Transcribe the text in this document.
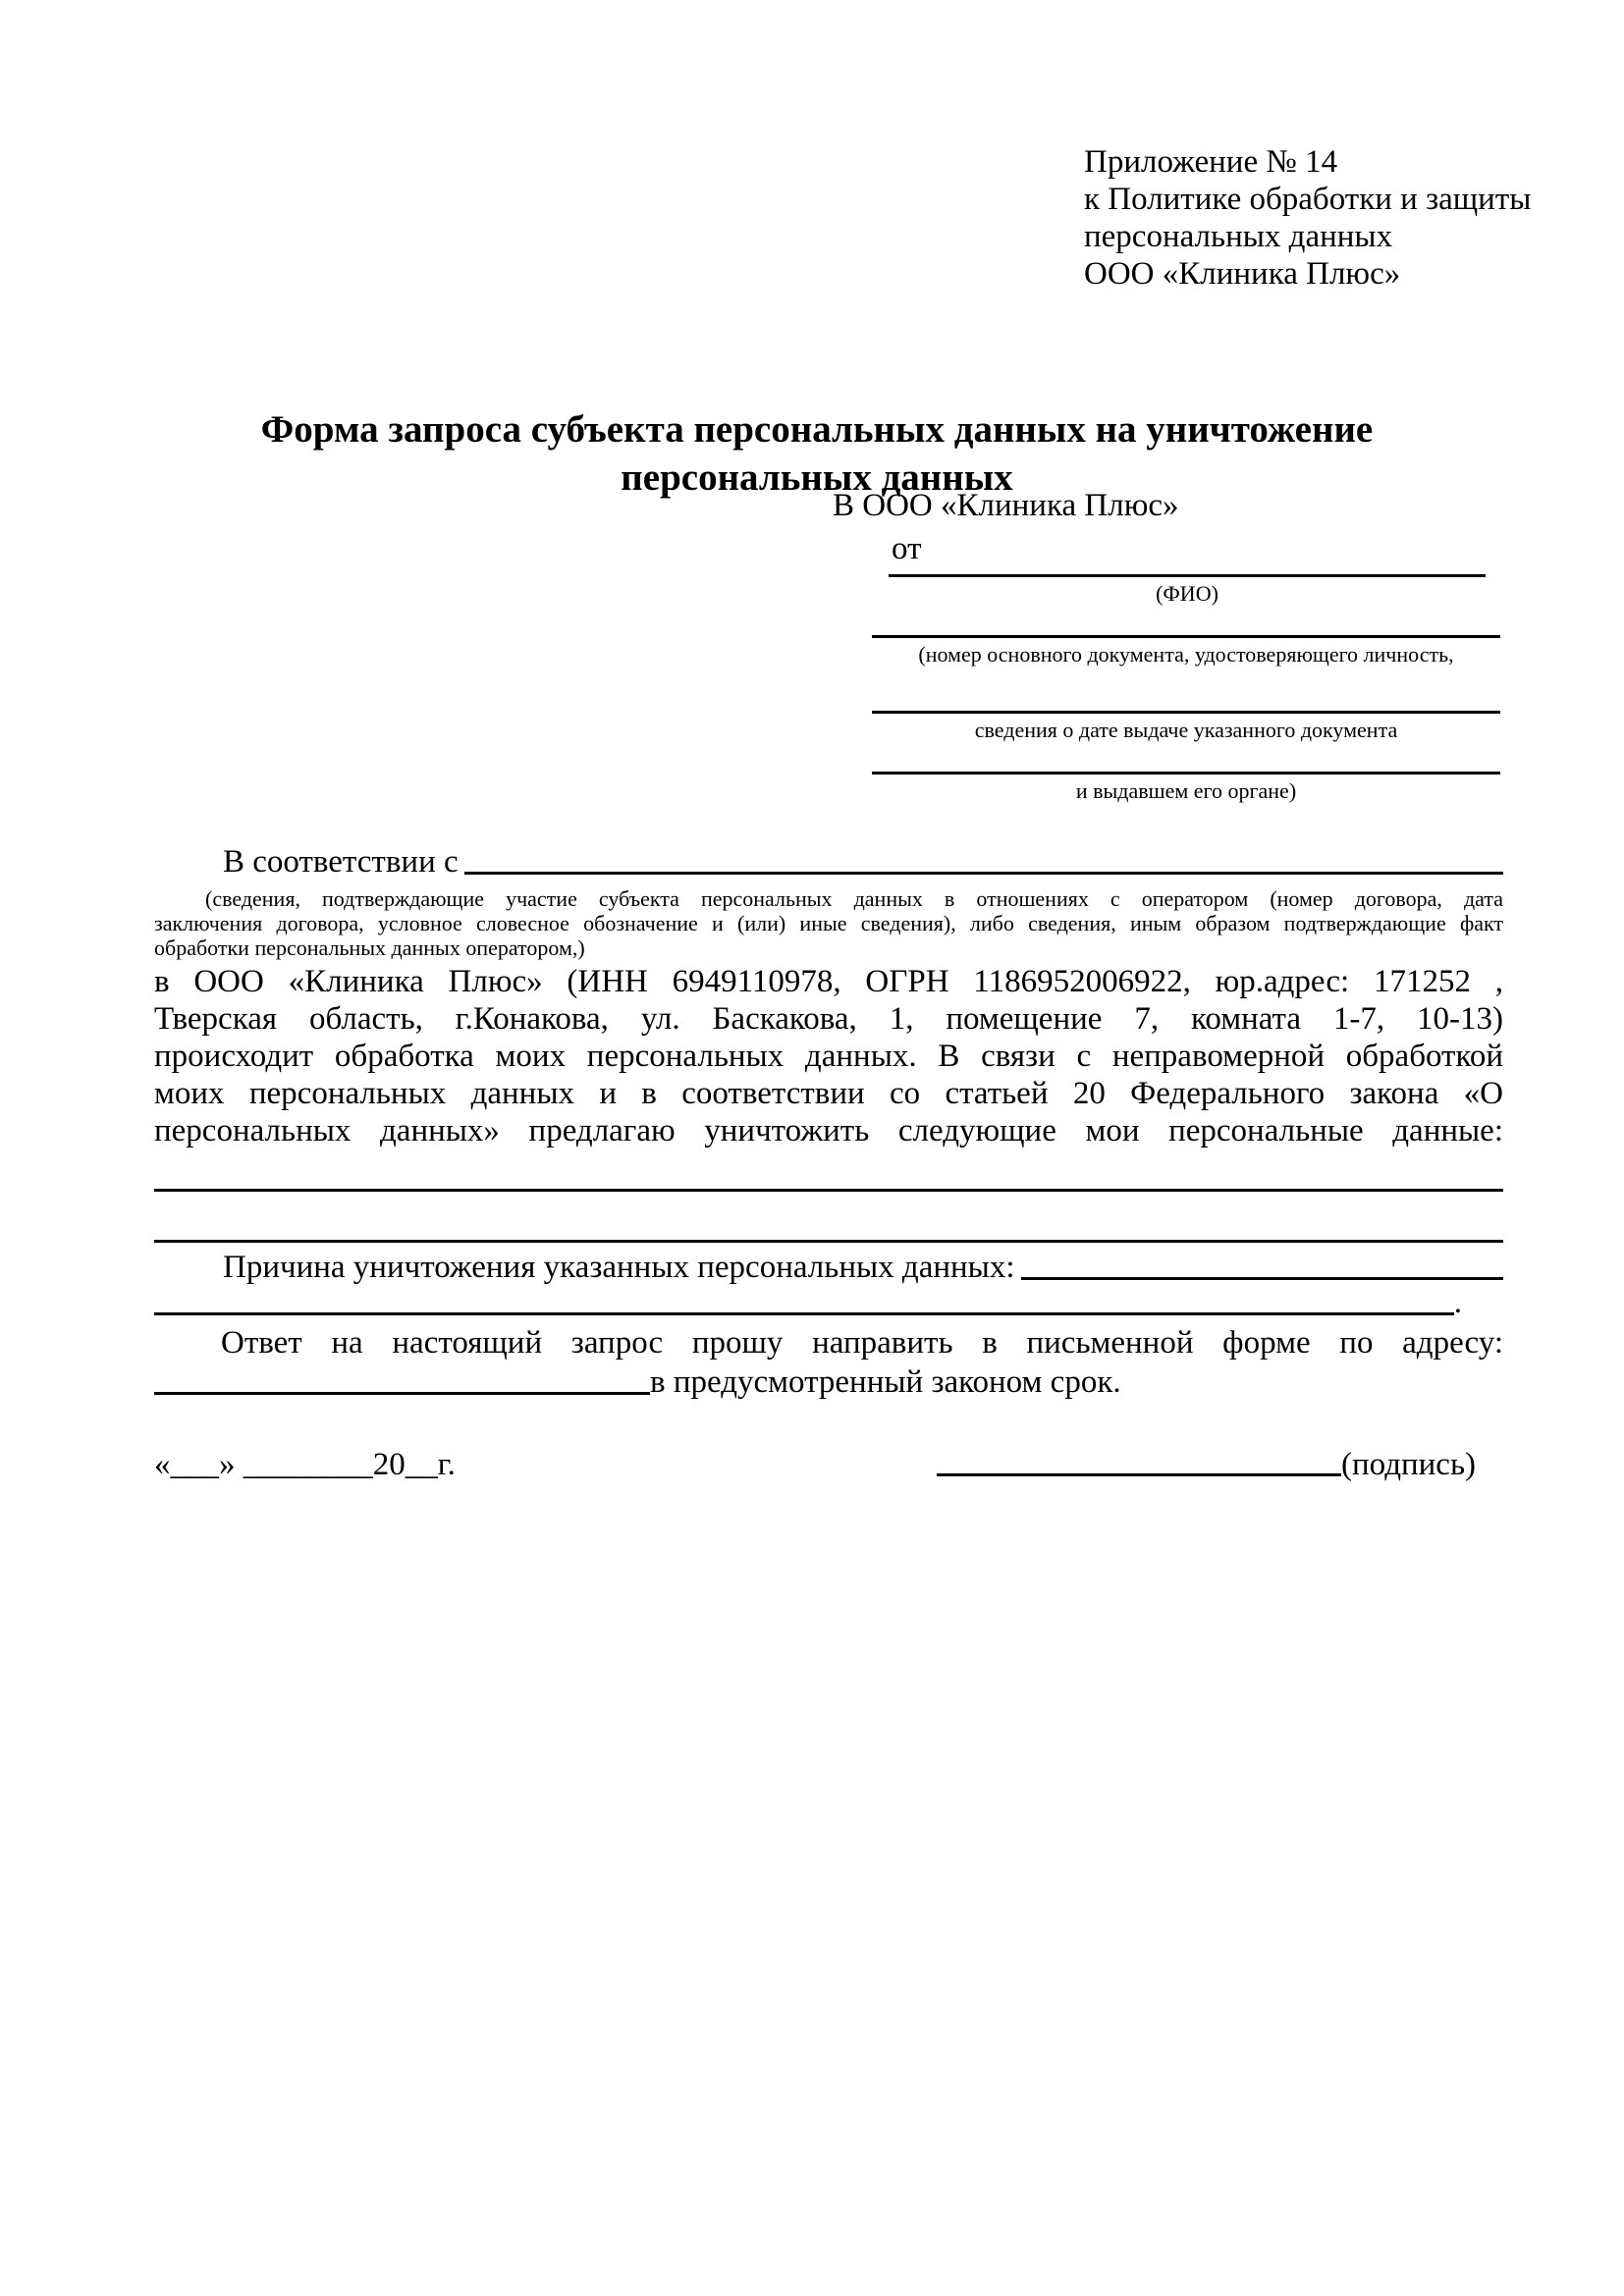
Приложение № 14
к Политике обработки и защиты
персональных данных
ООО «Клиника Плюс»
Форма запроса субъекта персональных данных на уничтожение
персональных данных
В ООО «Клиника Плюс»
от
(ФИО)
(номер основного документа, удостоверяющего личность,
сведения о дате выдаче указанного документа
и выдавшем его органе)
В соответствии с
(сведения, подтверждающие участие субъекта персональных данных в отношениях с оператором (номер договора, дата
заключения договора, условное словесное обозначение и (или) иные сведения), либо сведения, иным образом подтверждающие факт
обработки персональных данных оператором,)
в ООО «Клиника Плюс» (ИНН 6949110978, ОГРН 1186952006922, юр.адрес: 171252 ,
Тверская область, г.Конакова, ул. Баскакова, 1, помещение 7, комната 1-7, 10-13)
происходит обработка моих персональных данных. В связи с неправомерной обработкой
моих персональных данных и в соответствии со статьей 20 Федерального закона «О
персональных данных» предлагаю уничтожить следующие мои персональные данные:
Причина уничтожения указанных персональных данных:
.
Ответ на настоящий запрос прошу направить в письменной форме по адресу:
в предусмотренный законом срок.
«___» ________20__г.	(подпись)
